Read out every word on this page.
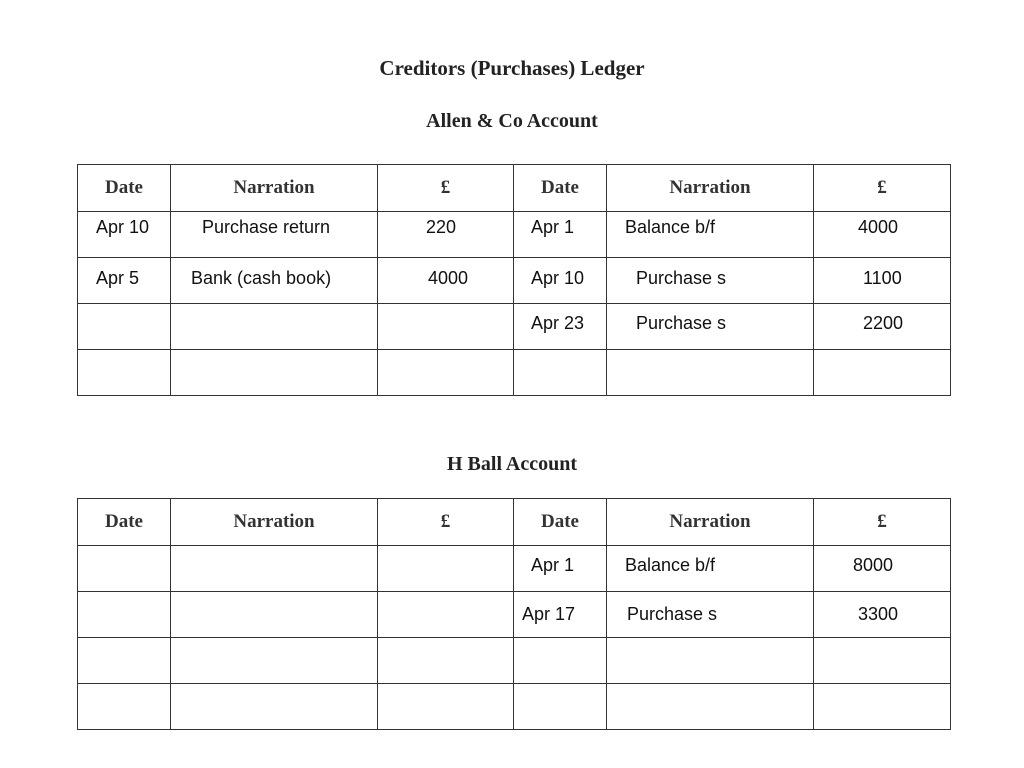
Creditors (Purchases) Ledger
Allen & Co Account
Date	Narration	£	Date	Narration	£

Apr 10	Purchase return	220	Apr 1	Balance b/f	4000

Apr 5	Bank (cash book)	4000	Apr 10	Purchase s	1100

			Apr 23	Purchase s	2200

H Ball Account
Date	Narration	£	Date	Narration	£

			Apr 1	Balance b/f	8000

			Apr 17	Purchase s	3300
